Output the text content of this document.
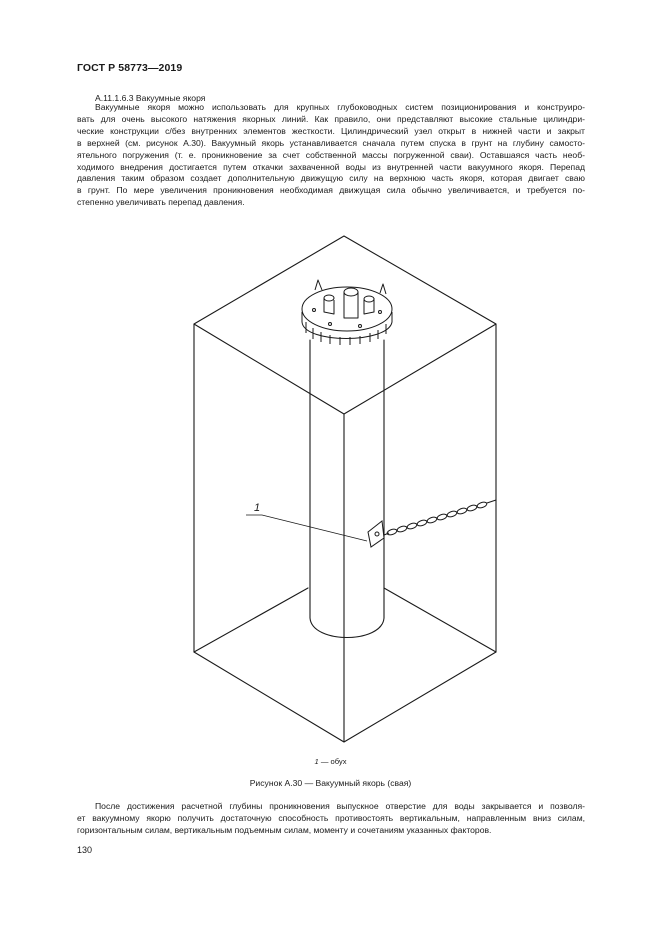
ГОСТ Р 58773—2019
A.11.1.6.3 Вакуумные якоря
Вакуумные якоря можно использовать для крупных глубоководных систем позиционирования и конструиро-
вать для очень высокого натяжения якорных линий. Как правило, они представляют высокие стальные цилиндри-
ческие конструкции с/без внутренних элементов жесткости. Цилиндрический узел открыт в нижней части и закрыт
в верхней (см. рисунок А.30). Вакуумный якорь устанавливается сначала путем спуска в грунт на глубину самосто-
ятельного погружения (т. е. проникновение за счет собственной массы погруженной сваи). Оставшаяся часть необ-
ходимого внедрения достигается путем откачки захваченной воды из внутренней части вакуумного якоря. Перепад
давления таким образом создает дополнительную движущую силу на верхнюю часть якоря, которая двигает сваю
в грунт. По мере увеличения проникновения необходимая движущая сила обычно увеличивается, и требуется по-
степенно увеличивать перепад давления.
1
1 — обух
Рисунок А.30 — Вакуумный якорь (свая)
После достижения расчетной глубины проникновения выпускное отверстие для воды закрывается и позволя-
ет вакуумному якорю получить достаточную способность противостоять вертикальным, направленным вниз силам,
горизонтальным силам, вертикальным подъемным силам, моменту и сочетаниям указанных факторов.
130
